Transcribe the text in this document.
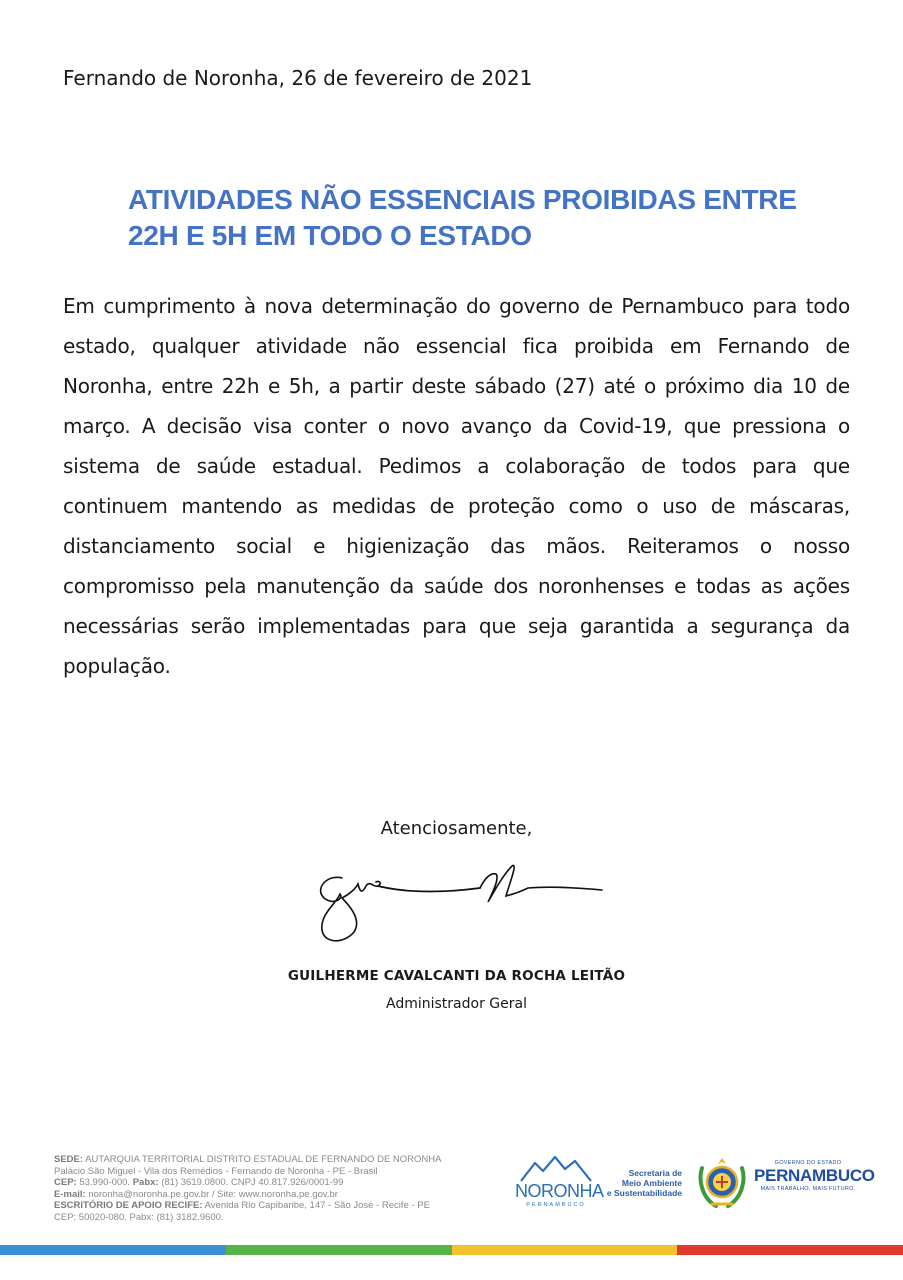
Fernando de Noronha, 26 de fevereiro de 2021
ATIVIDADES NÃO ESSENCIAIS PROIBIDAS ENTRE 22H E 5H EM TODO O ESTADO

Em cumprimento à nova determinação do governo de Pernambuco para todo estado, qualquer atividade não essencial fica proibida em Fernando de Noronha, entre 22h e 5h, a partir deste sábado (27) até o próximo dia 10 de março. A decisão visa conter o novo avanço da Covid-19, que pressiona o sistema de saúde estadual. Pedimos a colaboração de todos para que continuem mantendo as medidas de proteção como o uso de máscaras, distanciamento social e higienização das mãos. Reiteramos o nosso compromisso pela manutenção da saúde dos noronhenses e todas as ações necessárias serão implementadas para que seja garantida a segurança da população.

Atenciosamente,
GUILHERME CAVALCANTI DA ROCHA LEITÃO
Administrador Geral
SEDE: AUTARQUIA TERRITORIAL DISTRITO ESTADUAL DE FERNANDO DE NORONHA
Palácio São Miguel - Vila dos Remédios - Fernando de Noronha - PE - Brasil
CEP: 53.990-000. Pabx: (81) 3619.0800. CNPJ 40.817.926/0001-99
E-mail: noronha@noronha.pe.gov.br / Site: www.noronha.pe.gov.br
ESCRITÓRIO DE APOIO RECIFE: Avenida Rio Capibaribe, 147 - São José - Recife - PE
CEP: 50020-080. Pabx: (81) 3182.9600.
NORONHA
PERNAMBUCO
Secretaria de
Meio Ambiente
e Sustentabilidade
GOVERNO DO ESTADO
PERNAMBUCO
MAIS TRABALHO, MAIS FUTURO.
